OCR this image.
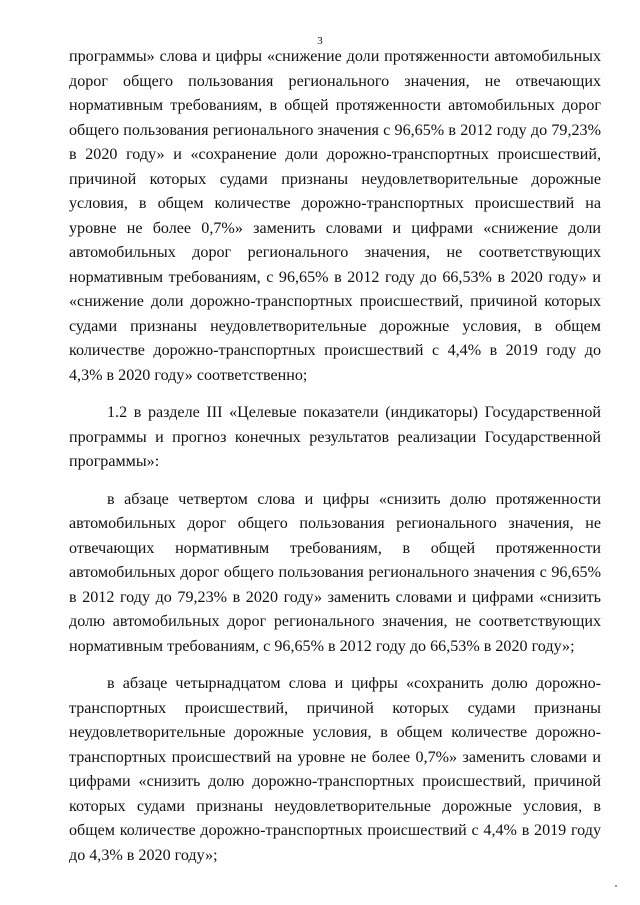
3

программы» слова и цифры «снижение доли протяженности автомобильных дорог общего пользования регионального значения, не отвечающих нормативным требованиям, в общей протяженности автомобильных дорог общего пользования регионального значения с 96,65% в 2012 году до 79,23% в 2020 году» и «сохранение доли дорожно-транспортных происшествий, причиной которых судами признаны неудовлетворительные дорожные условия, в общем количестве дорожно-транспортных происшествий на уровне не более 0,7%» заменить словами и цифрами «снижение доли автомобильных дорог регионального значения, не соответствующих нормативным требованиям, с 96,65% в 2012 году до 66,53% в 2020 году» и «снижение доли дорожно-транспортных происшествий, причиной которых судами признаны неудовлетворительные дорожные условия, в общем количестве дорожно-транспортных происшествий с 4,4% в 2019 году до 4,3% в 2020 году» соответственно;

1.2 в разделе III «Целевые показатели (индикаторы) Государственной программы и прогноз конечных результатов реализации Государственной программы»:

в абзаце четвертом слова и цифры «снизить долю протяженности автомобильных дорог общего пользования регионального значения, не отвечающих нормативным требованиям, в общей протяженности автомобильных дорог общего пользования регионального значения с 96,65% в 2012 году до 79,23% в 2020 году» заменить словами и цифрами «снизить долю автомобильных дорог регионального значения, не соответствующих нормативным требованиям, с 96,65% в 2012 году до 66,53% в 2020 году»;

в абзаце четырнадцатом слова и цифры «сохранить долю дорожно-транспортных происшествий, причиной которых судами признаны неудовлетворительные дорожные условия, в общем количестве дорожно-транспортных происшествий на уровне не более 0,7%» заменить словами и цифрами «снизить долю дорожно-транспортных происшествий, причиной которых судами признаны неудовлетворительные дорожные условия, в общем количестве дорожно-транспортных происшествий с 4,4% в 2019 году до 4,3% в 2020 году»;
